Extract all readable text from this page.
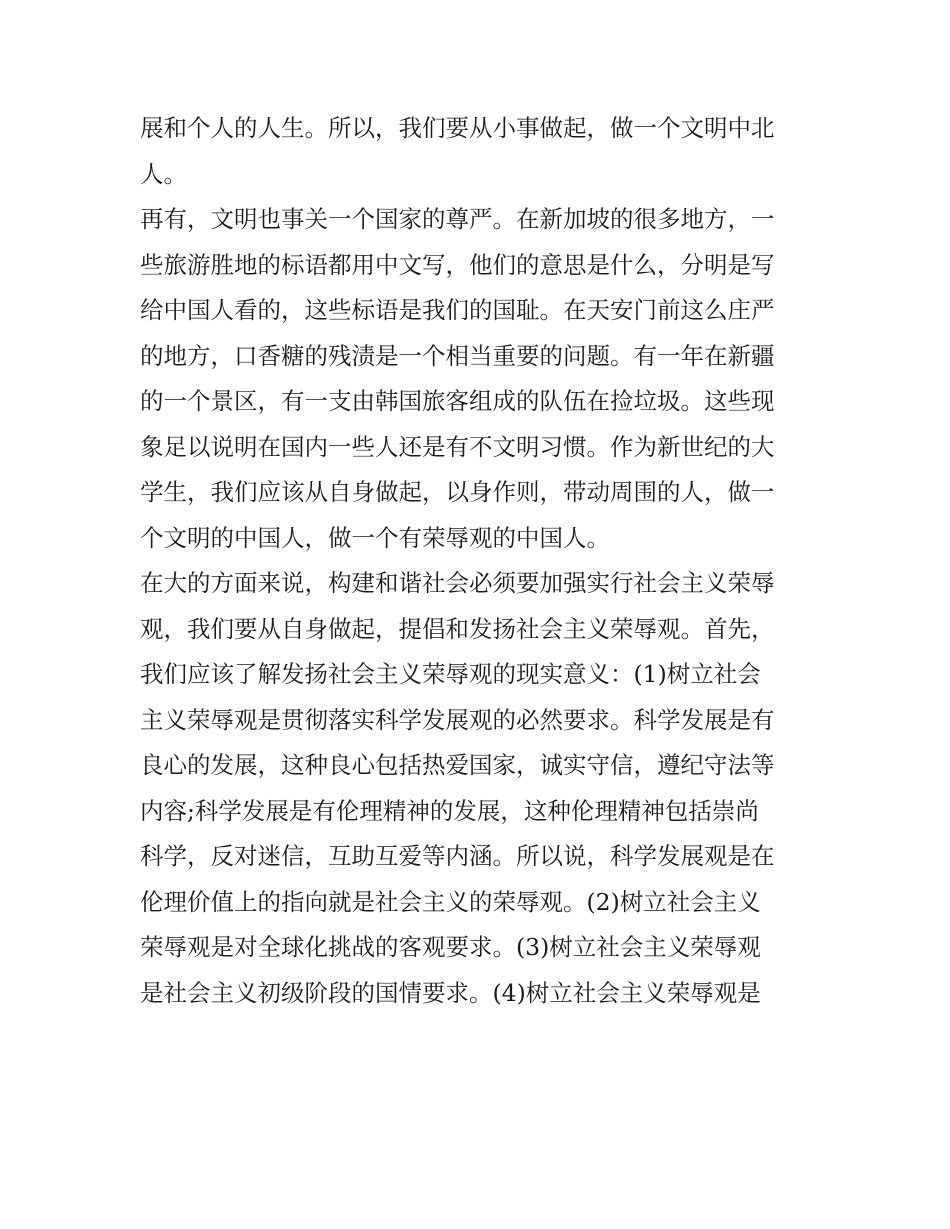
展和个人的人生。所以，我们要从小事做起，做一个文明中北
人。
再有，文明也事关一个国家的尊严。在新加坡的很多地方，一
些旅游胜地的标语都用中文写，他们的意思是什么，分明是写
给中国人看的，这些标语是我们的国耻。在天安门前这么庄严
的地方，口香糖的残渍是一个相当重要的问题。有一年在新疆
的一个景区，有一支由韩国旅客组成的队伍在捡垃圾。这些现
象足以说明在国内一些人还是有不文明习惯。作为新世纪的大
学生，我们应该从自身做起，以身作则，带动周围的人，做一
个文明的中国人，做一个有荣辱观的中国人。
在大的方面来说，构建和谐社会必须要加强实行社会主义荣辱
观，我们要从自身做起，提倡和发扬社会主义荣辱观。首先，
我们应该了解发扬社会主义荣辱观的现实意义：(1)树立社会
主义荣辱观是贯彻落实科学发展观的必然要求。科学发展是有
良心的发展，这种良心包括热爱国家，诚实守信，遵纪守法等
内容;科学发展是有伦理精神的发展，这种伦理精神包括崇尚
科学，反对迷信，互助互爱等内涵。所以说，科学发展观是在
伦理价值上的指向就是社会主义的荣辱观。(2)树立社会主义
荣辱观是对全球化挑战的客观要求。(3)树立社会主义荣辱观
是社会主义初级阶段的国情要求。(4)树立社会主义荣辱观是
